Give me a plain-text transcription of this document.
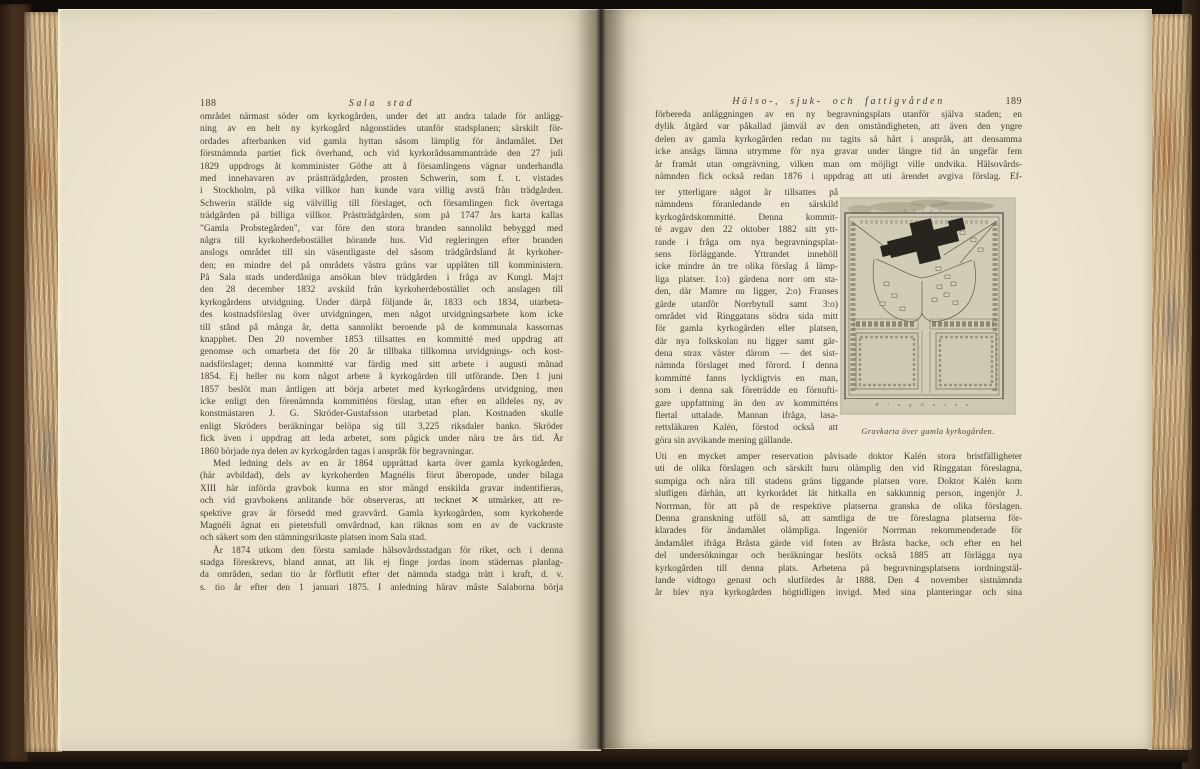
188	Sala stad
området närmast söder om kyrkogården, under det att andra talade för anlägg-
ning av en helt ny kyrkogård någonstädes utanför stadsplanen; särskilt för-
ordades afterbanken vid gamla hyttan såsom lämplig för ändamålet. Det
förstnämnda partiet fick överhand, och vid kyrkorådssammanträde den 27 juli
1829 uppdrogs åt komminister Göthe att å församlingens vägnar underhandla
med innehavaren av prästträdgården, prosten Schwerin, som f. t. vistades
i Stockholm, på vilka villkor han kunde vara villig avstå från trädgården.
Schwerin ställde sig välvillig till förslaget, och församlingen fick övertaga
trädgården på billiga villkor. Prästträdgården, som på 1747 års karta kallas
"Gamla Probstegården", var före den stora branden sannolikt bebyggd med
några till kyrkoherdebostället hörande hus. Vid regleringen efter branden
anslogs området till sin väsentligaste del såsom trädgårdsland åt kyrkoher-
den; en mindre del på områdets västra gräns var upplåten till komministern.
På Sala stads underdåniga ansökan blev trädgården i fråga av Kungl. Maj:t
den 28 december 1832 avskild från kyrkoherdebostället och anslagen till
kyrkogårdens utvidgning. Under därpå följande år, 1833 och 1834, utarbeta-
des kostnadsförslag över utvidgningen, men något utvidgningsarbete kom icke
till stånd på många år, detta sannolikt beroende på de kommunala kassornas
knapphet. Den 20 november 1853 tillsattes en kommitté med uppdrag att
genomse och omarbeta det för 20 år tillbaka tillkomna utvidgnings- och kost-
nadsförslaget; denna kommitté var färdig med sitt arbete i augusti månad
1854. Ej heller nu kom något arbete å kyrkogården till utförande. Den 1 juni
1857 beslöt man äntligen att börja arbetet med kyrkogårdens utvidgning, men
icke enligt den förenämnda kommitténs förslag, utan efter en alldeles ny, av
konstmästaren J. G. Skröder-Gustafsson utarbetad plan. Kostnaden skulle
enligt Skröders beräkningar belöpa sig till 3,225 riksdaler banko. Skröder
fick även i uppdrag att leda arbetet, som pågick under nära tre års tid. År
1860 började nya delen av kyrkogården tagas i anspråk för begravningar.
Med ledning dels av en år 1864 upprättad karta över gamla kyrkogården,
(här avbildad), dels av kyrkoherden Magnélis förut åberopade, under bilaga
XIII här införda gravbok kunna en stor mängd enskilda gravar indentifieras,
och vid gravbokens anlitande bör observeras, att tecknet ✕ utmärker, att re-
spektive grav är försedd med gravvård. Gamla kyrkogården, som kyrkoherde
Magnéli ägnat en pietetsfull omvårdnad, kan räknas som en av de vackraste
och säkert som den stämningsrikaste platsen inom Sala stad.
År 1874 utkom den första samlade hälsovårdsstadgan för riket, och i denna
stadga föreskrevs, bland annat, att lik ej finge jordas inom städernas planlag-
da områden, sedan tio år förflutit efter det nämnda stadga trätt i kraft, d. v.
s. tio år efter den 1 januari 1875. I anledning härav måste Salaborna börja
Hälso-, sjuk- och fattigvården	189
förbereda anläggningen av en ny begravningsplats utanför själva staden; en
dylik åtgärd var påkallad jämväl av den omständigheten, att även den yngre
delen av gamla kyrkogården redan nu tagits så hårt i anspråk, att densamma
icke ansågs lämna utrymme för nya gravar under längre tid än ungefär fem
år framåt utan omgrävning, vilken man om möjligt ville undvika. Hälsovårds-
nämnden fick också redan 1876 i uppdrag att uti ärendet avgiva förslag. Ef-
ter ytterligare något år tillsattes på
nämndens föranledande en särskild
kyrkogårdskommitté. Denna kommit-
té avgav den 22 oktober 1882 sitt ytt-
rande i fråga om nya begravningsplat-
sens förläggande. Yttrandet innehöll
icke mindre än tre olika förslag å lämp-
liga platser. 1:o) gärdena norr om sta-
den, där Mamre nu ligger, 2:o) Franses
gärde utanför Norrbytull samt 3:o)
området vid Ringgatans södra sida mitt
för gamla kyrkogården eller platsen,
där nya folkskolan nu ligger samt gär-
dena strax väster därom — det sist-
nämnda förslaget med förord. I denna
kommitté fanns lyckligtvis en man,
som i denna sak företrädde en förnufti-
gare uppfattning än den av kommitténs
flertal uttalade. Mannan ifråga, lasa-
rettsläkaren Kalén, förstod också att
göra sin avvikande mening gällande.
G a t a n
R i n g G a t a n
Gravkarta över gamla kyrkogården.
Uti en mycket amper reservation påvisade doktor Kalén stora bristfälligheter
uti de olika förslagen och särskilt huru olämplig den vid Ringgatan föreslagna,
sumpiga och nära till stadens gräns liggande platsen vore. Doktor Kalén kom
slutligen därhän, att kyrkorådet lät hitkalla en sakkunnig person, ingenjör J.
Norrman, för att på de respektive platserna granska de olika förslagen.
Denna granskning utföll så, att samtliga de tre föreslagna platserna för-
klarades för ändamålet olämpliga. Ingeniör Norrman rekommenderade för
ändamålet ifråga Bråsta gärde vid foten av Bråsta backe, och efter en hel
del undersökningar och beräkningar beslöts också 1885 att förlägga nya
kyrkogården till denna plats. Arbetena på begravningsplatsens iordningstäl-
lande vidtogo genast och slutfördes år 1888. Den 4 november sistnämnda
år blev nya kyrkogården högtidligen invigd. Med sina planteringar och sina
